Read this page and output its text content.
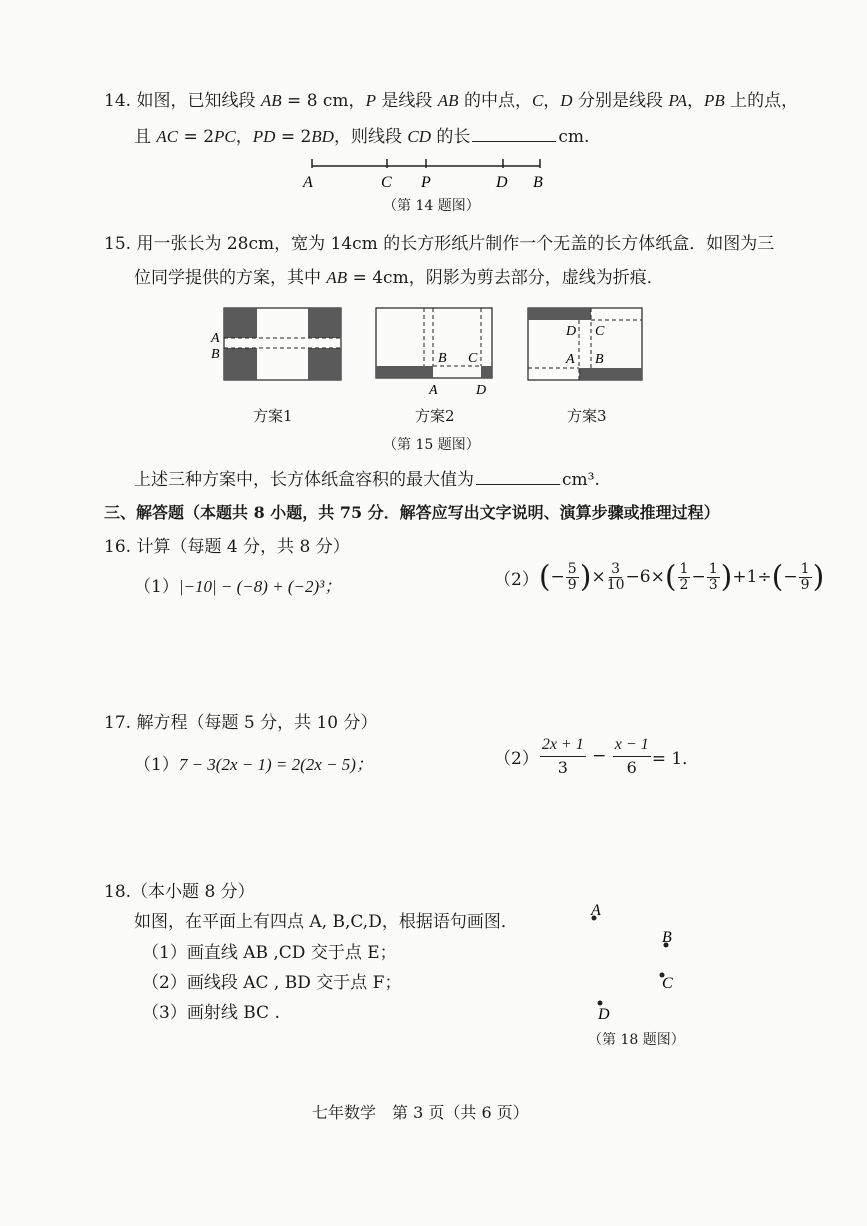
14. 如图，已知线段 AB = 8 cm，P 是线段 AB 的中点，C，D 分别是线段 PA，PB 上的点，
且 AC = 2PC，PD = 2BD，则线段 CD 的长	cm.
A	C P	D B
（第 14 题图）
15. 用一张长为 28cm，宽为 14cm 的长方形纸片制作一个无盖的长方体纸盒．如图为三
位同学提供的方案，其中 AB = 4cm，阴影为剪去部分，虚线为折痕．
A
B
方案1
B C
A	D
方案2
D C
A B
方案3
（第 15 题图）
上述三种方案中，长方体纸盒容积的最大值为	cm³.
三、解答题（本题共 8 小题，共 75 分．解答应写出文字说明、演算步骤或推理过程）
16. 计算（每题 4 分，共 8 分）
（1）|−10| − (−8) + (−2)³；	$(2)(- \frac{5}{9}$ )× $\frac{3}{10} -6\times( \frac{1}{2} - \frac{1}{3} )+1\div(- \frac{1}{9}$ )
17. 解方程（每题 5 分，共 10 分）
（1）7 − 3(2x − 1) = 2(2x − 5)；	$(2) \frac{2x + 1}{3} - \frac{x - 1}{6} = 1$．
18.（本小题 8 分）
如图，在平面上有四点 A, B,C,D，根据语句画图．
（1）画直线 AB ,CD 交于点 E；
（2）画线段 AC , BD 交于点 F；
（3）画射线 BC .
A
B
C
D
（第 18 题图）
七年数学　第 3 页（共 6 页）
